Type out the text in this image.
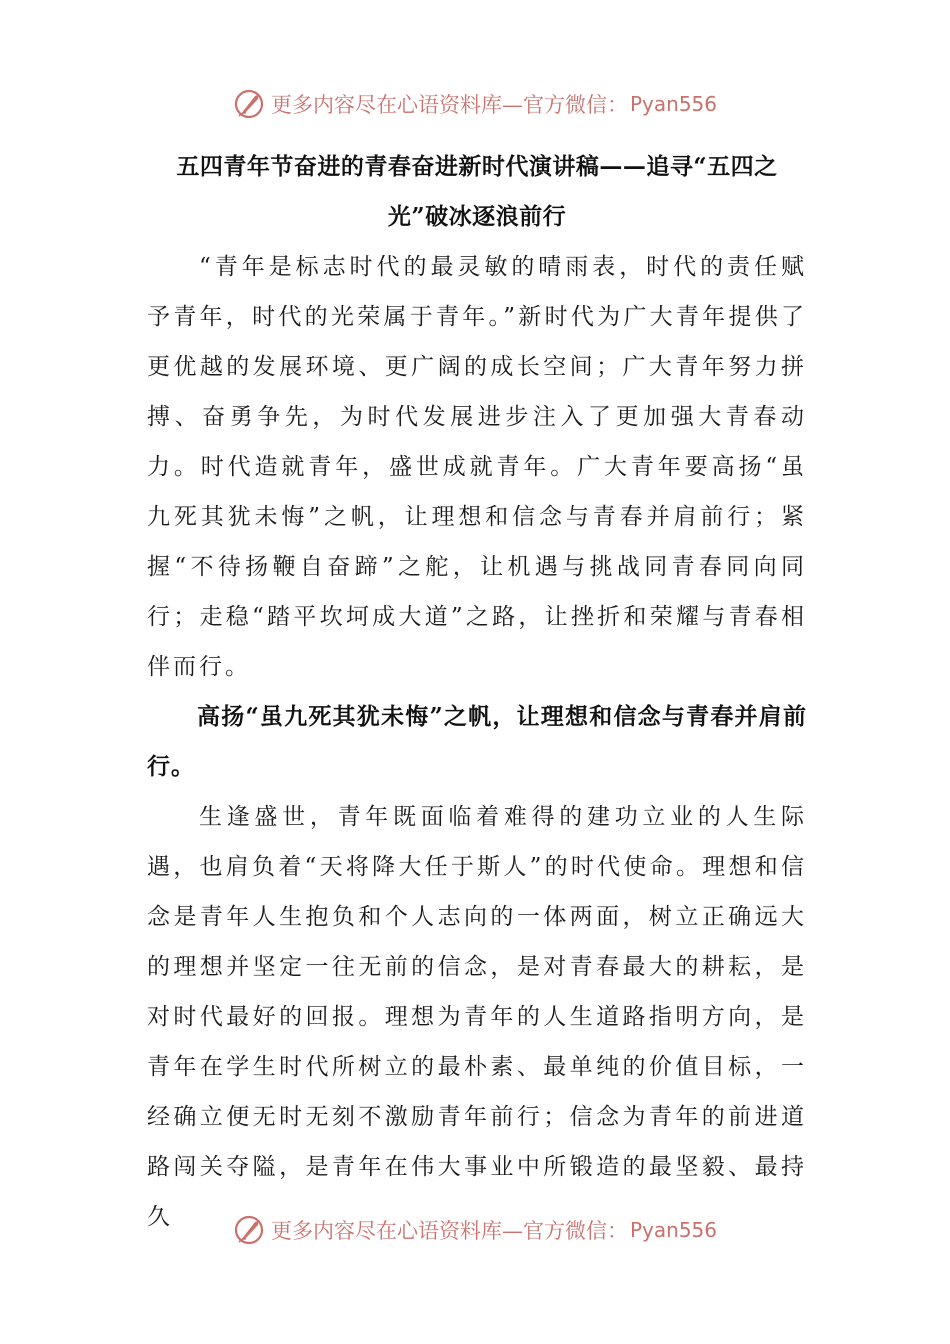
更多内容尽在心语资料库—官方微信： Pyan556
五四青年节奋进的青春奋进新时代演讲稿——追寻“五四之光”破冰逐浪前行

“青年是标志时代的最灵敏的晴雨表，时代的责任赋予青年，时代的光荣属于青年。”新时代为广大青年提供了更优越的发展环境、更广阔的成长空间；广大青年努力拼搏、奋勇争先，为时代发展进步注入了更加强大青春动力。时代造就青年，盛世成就青年。广大青年要高扬“虽九死其犹未悔”之帆，让理想和信念与青春并肩前行；紧握“不待扬鞭自奋蹄”之舵，让机遇与挑战同青春同向同行；走稳“踏平坎坷成大道”之路，让挫折和荣耀与青春相伴而行。

高扬“虽九死其犹未悔”之帆，让理想和信念与青春并肩前行。

生逢盛世，青年既面临着难得的建功立业的人生际遇，也肩负着“天将降大任于斯人”的时代使命。理想和信念是青年人生抱负和个人志向的一体两面，树立正确远大的理想并坚定一往无前的信念，是对青春最大的耕耘，是对时代最好的回报。理想为青年的人生道路指明方向，是青年在学生时代所树立的最朴素、最单纯的价值目标，一经确立便无时无刻不激励青年前行；信念为青年的前进道路闯关夺隘，是青年在伟大事业中所锻造的最坚毅、最持久

更多内容尽在心语资料库—官方微信： Pyan556
